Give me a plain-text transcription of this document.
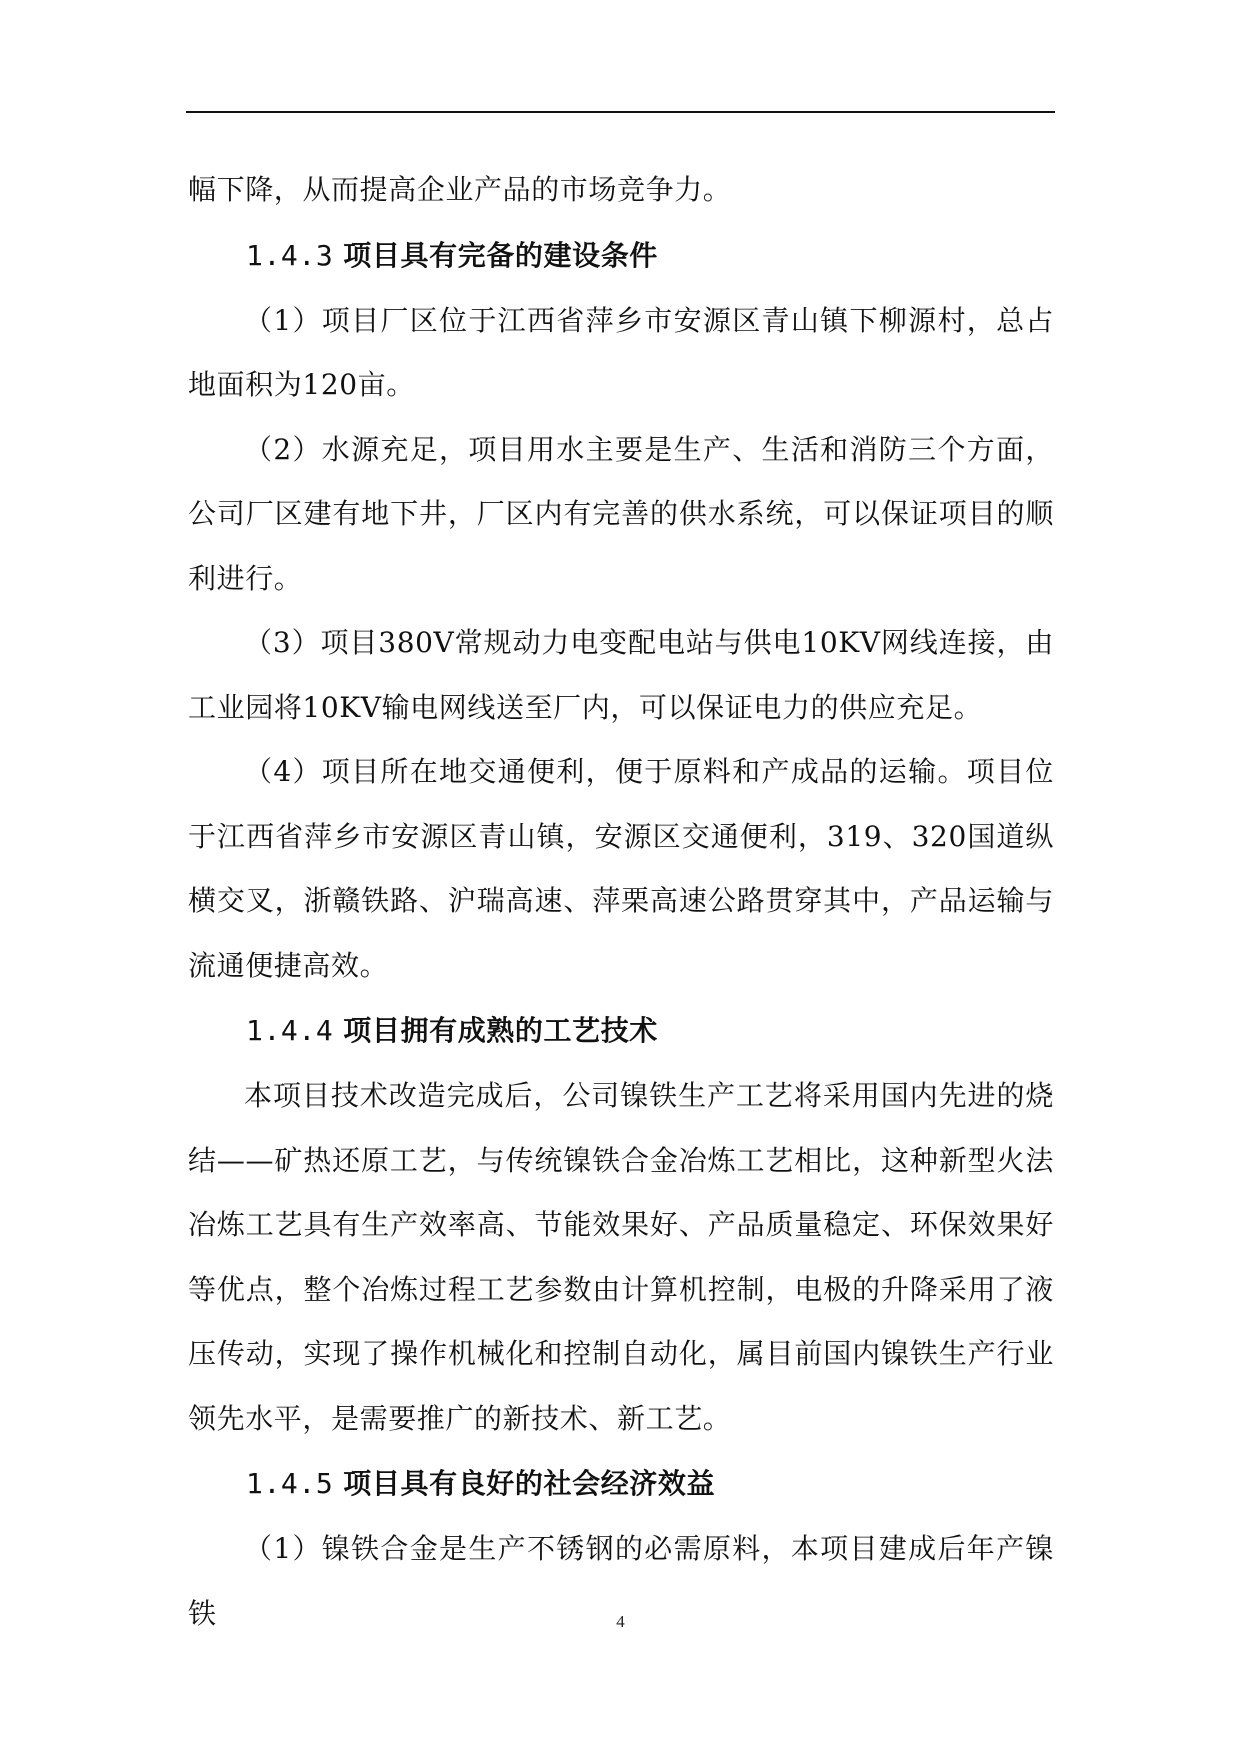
幅下降，从而提高企业产品的市场竞争力。

1.4.3 项目具有完备的建设条件

（1）项目厂区位于江西省萍乡市安源区青山镇下柳源村，总占地面积为120亩。

（2）水源充足，项目用水主要是生产、生活和消防三个方面，公司厂区建有地下井，厂区内有完善的供水系统，可以保证项目的顺利进行。

（3）项目380V常规动力电变配电站与供电10KV网线连接，由工业园将10KV输电网线送至厂内，可以保证电力的供应充足。

（4）项目所在地交通便利，便于原料和产成品的运输。项目位于江西省萍乡市安源区青山镇，安源区交通便利，319、320国道纵横交叉，浙赣铁路、沪瑞高速、萍栗高速公路贯穿其中，产品运输与流通便捷高效。

1.4.4 项目拥有成熟的工艺技术

本项目技术改造完成后，公司镍铁生产工艺将采用国内先进的烧结——矿热还原工艺，与传统镍铁合金冶炼工艺相比，这种新型火法冶炼工艺具有生产效率高、节能效果好、产品质量稳定、环保效果好等优点，整个冶炼过程工艺参数由计算机控制，电极的升降采用了液压传动，实现了操作机械化和控制自动化，属目前国内镍铁生产行业领先水平，是需要推广的新技术、新工艺。

1.4.5 项目具有良好的社会经济效益

（1）镍铁合金是生产不锈钢的必需原料，本项目建成后年产镍铁	4
